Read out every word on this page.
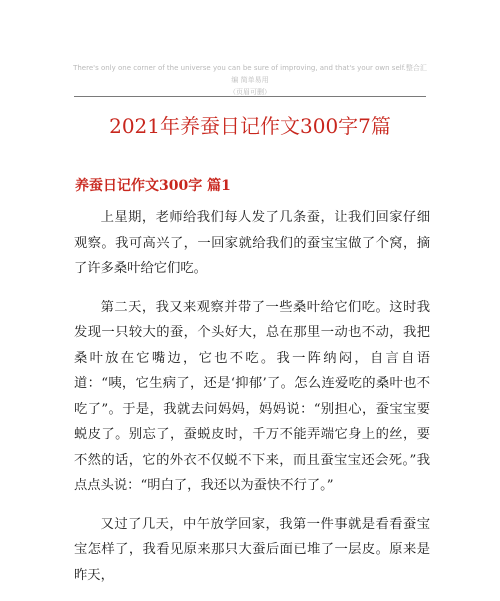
There's only one corner of the universe you can be sure of improving, and that's your own self.整合汇编 简单易用
（页眉可删）
2021年养蚕日记作文300字7篇
养蚕日记作文300字 篇1

上星期，老师给我们每人发了几条蚕，让我们回家仔细观察。我可高兴了，一回家就给我们的蚕宝宝做了个窝，摘了许多桑叶给它们吃。

第二天，我又来观察并带了一些桑叶给它们吃。这时我发现一只较大的蚕，个头好大，总在那里一动也不动，我把桑叶放在它嘴边，它也不吃。我一阵纳闷，自言自语道：“咦，它生病了，还是‘抑郁’了。怎么连爱吃的桑叶也不吃了”。于是，我就去问妈妈，妈妈说：“别担心，蚕宝宝要蜕皮了。别忘了，蚕蜕皮时，千万不能弄端它身上的丝，要不然的话，它的外衣不仅蜕不下来，而且蚕宝宝还会死。”我点点头说：“明白了，我还以为蚕快不行了。”

又过了几天，中午放学回家，我第一件事就是看看蚕宝宝怎样了，我看见原来那只大蚕后面已堆了一层皮。原来是昨天，
